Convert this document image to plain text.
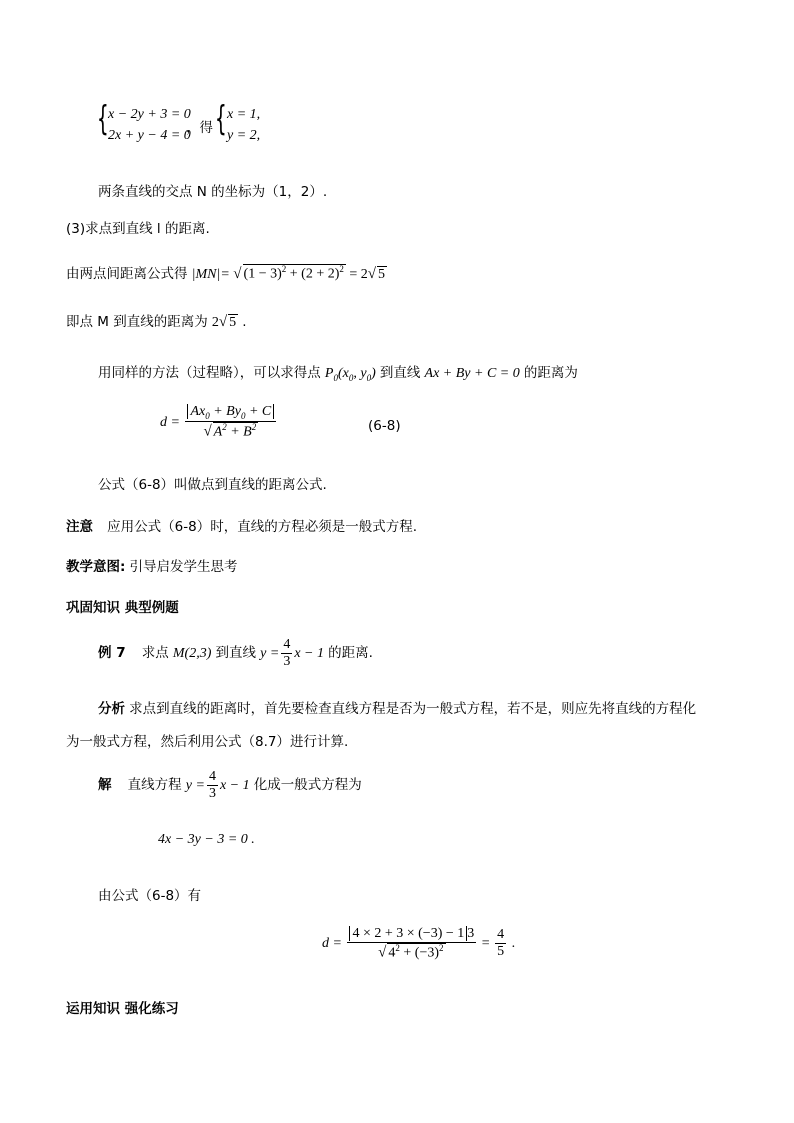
{ x − 2y + 3 = 0
2x + y − 4 = 0
，得 { x = 1,
y = 2,
两条直线的交点 N 的坐标为（1，2）.
(3)求点到直线 l 的距离.
由两点间距离公式得 |MN|= √ $(1 - 3)^2 + (2 + 2)^2 = 2√$ 5
即点 M 到直线的距离为 2√ 5 .
用同样的方法（过程略），可以求得点 $P_0(x_0$, $y_0$) 到直线 Ax + By + C = 0 的距离为
$d = \frac{Ax_0 + By_0 + C}{√ A^2 + B^2}$	(6-8)
公式（6-8）叫做点到直线的距离公式.
注意 应用公式（6-8）时，直线的方程必须是一般式方程.
教学意图: 引导启发学生思考
巩固知识 典型例题
例 7 求点 M(2,3) 到直线 $y = \frac{4}{3}$ x − 1 的距离.
分析 求点到直线的距离时，首先要检查直线方程是否为一般式方程，若不是，则应先将直线的方程化
为一般式方程，然后利用公式（8.7）进行计算.
解 直线方程 $y = \frac{4}{3}$ x − 1 化成一般式方程为
4x − 3y − 3 = 0 .
由公式（6-8）有
$d = \frac{4 \times 2 + 3 \times (-3) - 1 3}{√ 4^2 + (-3)^2} = \frac{4}{5}$ .
运用知识 强化练习
